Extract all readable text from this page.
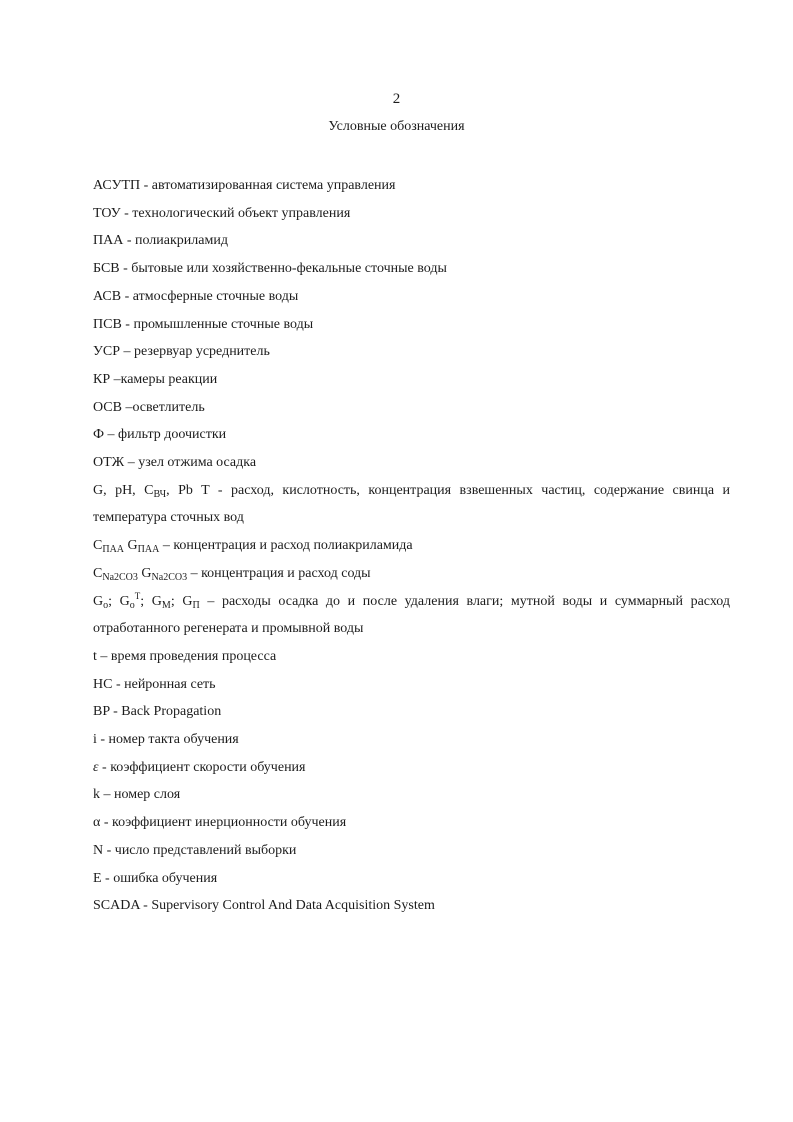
2
Условные обозначения
АСУТП - автоматизированная система управления
ТОУ - технологический объект управления
ПАА - полиакриламид
БСВ - бытовые или хозяйственно-фекальные сточные воды
АСВ - атмосферные сточные воды
ПСВ - промышленные сточные воды
УСР – резервуар усреднитель
КР –камеры реакции
ОСВ –осветлитель
Ф – фильтр доочистки
ОТЖ – узел отжима осадка
G, pH, $C_{ВЧ}$, Pb T - расход, кислотность, концентрация взвешенных частиц, содержание свинца и температура сточных вод
$C_{ПАА}$ $G_{ПАА}$ – концентрация и расход полиакриламида
$C_{Na2CO3}$ $G_{Na2CO3}$ – концентрация и расход соды
$G_о$; $G_о^Т$; $G_М$; $G_П$ – расходы осадка до и после удаления влаги; мутной воды и суммарный расход отработанного регенерата и промывной воды
t – время проведения процесса
НС - нейронная сеть
BP - Back Propagation
i - номер такта обучения
ε - коэффициент скорости обучения
k – номер слоя
α - коэффициент инерционности обучения
N - число представлений выборки
E - ошибка обучения
SCADA - Supervisory Control And Data Acquisition System
